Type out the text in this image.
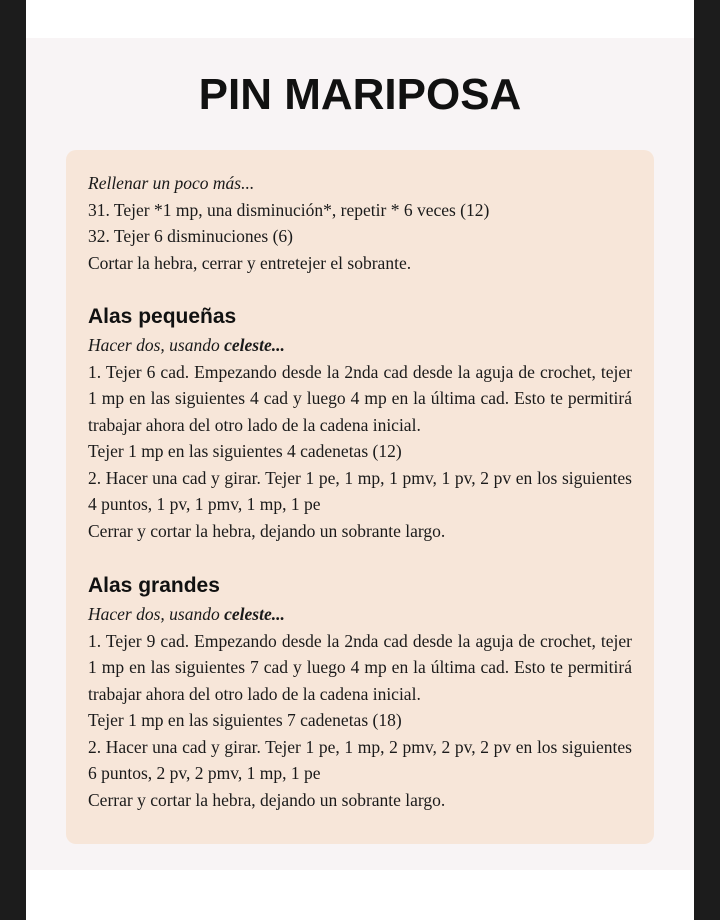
PIN MARIPOSA

Rellenar un poco más...

31. Tejer *1 mp, una disminución*, repetir * 6 veces (12)

32. Tejer 6 disminuciones (6)

Cortar la hebra, cerrar y entretejer el sobrante.

Alas pequeñas

Hacer dos, usando celeste...

1. Tejer 6 cad. Empezando desde la 2nda cad desde la aguja de crochet, tejer 1 mp en las siguientes 4 cad y luego 4 mp en la última cad. Esto te permitirá trabajar ahora del otro lado de la cadena inicial.

Tejer 1 mp en las siguientes 4 cadenetas (12)

2. Hacer una cad y girar. Tejer 1 pe, 1 mp, 1 pmv, 1 pv, 2 pv en los siguientes 4 puntos, 1 pv, 1 pmv, 1 mp, 1 pe

Cerrar y cortar la hebra, dejando un sobrante largo.

Alas grandes

Hacer dos, usando celeste...

1. Tejer 9 cad. Empezando desde la 2nda cad desde la aguja de crochet, tejer 1 mp en las siguientes 7 cad y luego 4 mp en la última cad. Esto te permitirá trabajar ahora del otro lado de la cadena inicial.

Tejer 1 mp en las siguientes 7 cadenetas (18)

2. Hacer una cad y girar. Tejer 1 pe, 1 mp, 2 pmv, 2 pv, 2 pv en los siguientes 6 puntos, 2 pv, 2 pmv, 1 mp, 1 pe

Cerrar y cortar la hebra, dejando un sobrante largo.
